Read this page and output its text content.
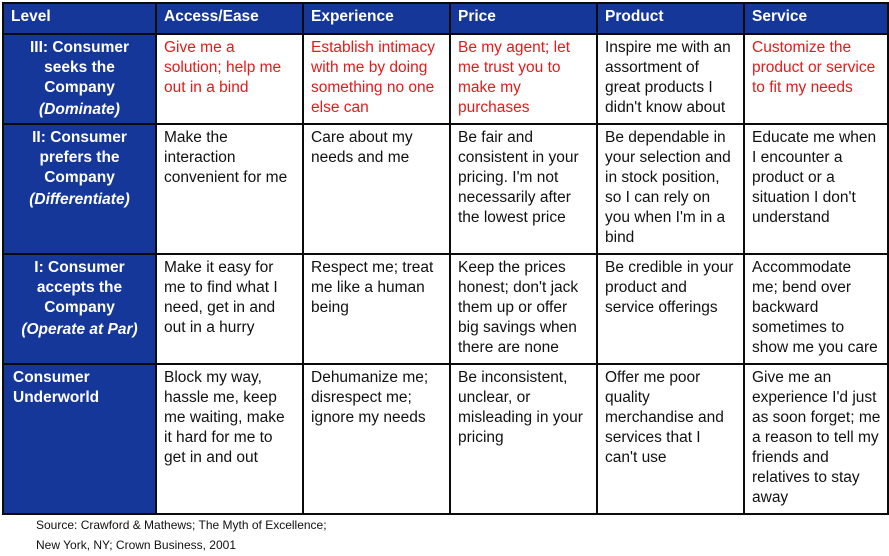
Level	Access/Ease	Experience	Price	Product	Service
III: Consumer seeks the Company
(Dominate)	Give me a solution; help me out in a bind	Establish intimacy with me by doing something no one else can	Be my agent; let me trust you to make my purchases	Inspire me with an assortment of great products I didn't know about	Customize the product or service to fit my needs
II: Consumer prefers the Company
(Differentiate)	Make the interaction convenient for me	Care about my needs and me	Be fair and consistent in your pricing. I'm not necessarily after the lowest price	Be dependable in your selection and in stock position, so I can rely on you when I'm in a bind	Educate me when I encounter a product or a situation I don't understand
I: Consumer accepts the Company
(Operate at Par)	Make it easy for me to find what I need, get in and out in a hurry	Respect me; treat me like a human being	Keep the prices honest; don't jack them up or offer big savings when there are none	Be credible in your product and service offerings	Accommodate me; bend over backward sometimes to show me you care
Consumer Underworld	Block my way, hassle me, keep me waiting, make it hard for me to get in and out	Dehumanize me; disrespect me; ignore my needs	Be inconsistent, unclear, or misleading in your pricing	Offer me poor quality merchandise and services that I can't use	Give me an experience I'd just as soon forget; me a reason to tell my friends and relatives to stay away
Source: Crawford & Mathews; The Myth of Excellence;
New York, NY; Crown Business, 2001
